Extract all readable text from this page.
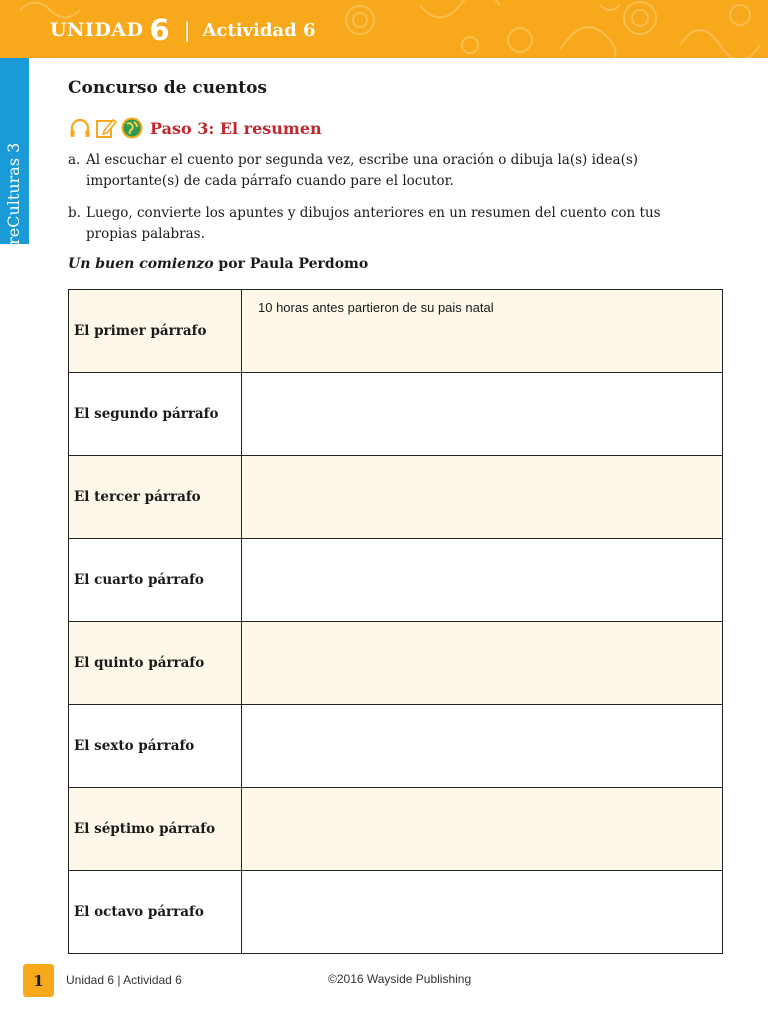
UNIDAD 6 | Actividad 6
EntreCulturas 3
Concurso de cuentos
Paso 3: El resumen
a. Al escuchar el cuento por segunda vez, escribe una oración o dibuja la(s) idea(s) importante(s) de cada párrafo cuando pare el locutor.
b. Luego, convierte los apuntes y dibujos anteriores en un resumen del cuento con tus propias palabras.
Un buen comienzo por Paula Perdomo
El primer párrafo
10 horas antes partieron de su pais natal
El segundo párrafo
El tercer párrafo
El cuarto párrafo
El quinto párrafo
El sexto párrafo
El séptimo párrafo
El octavo párrafo
1	Unidad 6 | Actividad 6	©2016 Wayside Publishing
